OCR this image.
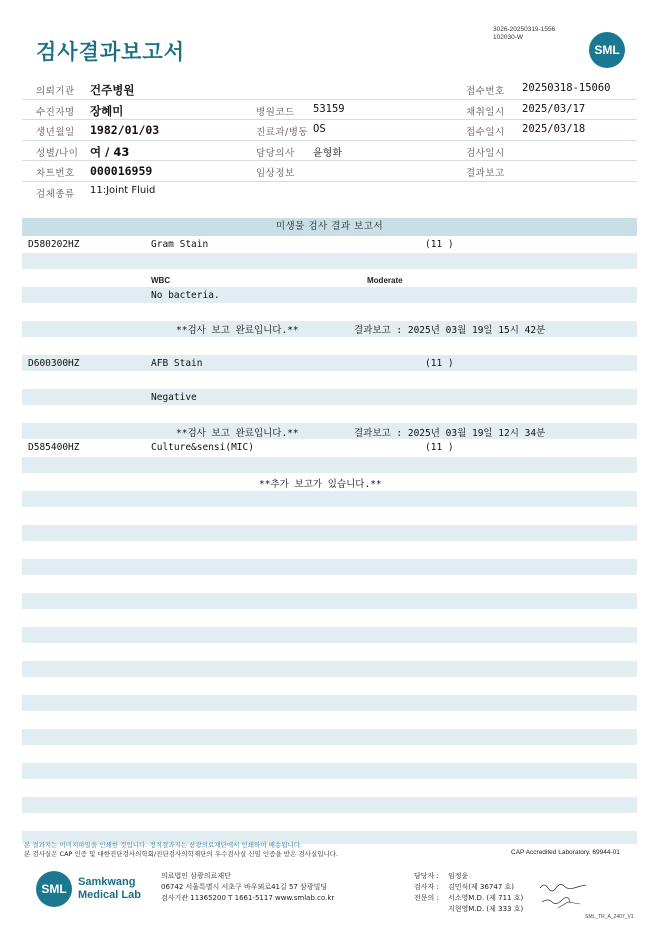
3026-20250319-1556
102030-W
검사결과보고서	SML
의뢰기관 건주병원	접수번호 20250318-15060
수진자명 장혜미	병원코드 53159	채취일시 2025/03/17
생년월일 1982/01/03	진료과/병동 OS	접수일시 2025/03/18
성별/나이 여 / 43	담당의사 윤형화	검사일시
차트번호 000016959	임상정보	결과보고
검체종류 11:Joint Fluid
미생물 검사 결과 보고서
D580202HZ	Gram Stain	(11 )
WBC	Moderate
No bacteria.
**검사 보고 완료입니다.**	결과보고 : 2025년 03월 19일 15시 42분
D600300HZ	AFB Stain	(11 )
Negative
**검사 보고 완료입니다.**	결과보고 : 2025년 03월 19일 12시 34분
D585400HZ	Culture&sensi(MIC)	(11 )
**추가 보고가 있습니다.**
본 결과지는 이미지파일을 인쇄한 것입니다. 정식결과지는 삼광의료재단에서 인쇄하여 배송됩니다.
본 검사실은 CAP 인증 및 대한진단검사의학회/진단검사의학재단의 우수검사실 신임 인증을 받은 검사실입니다.	CAP Accredited Laboratory. 69944-01
SML	Samkwang
Medical Lab
의료법인 삼광의료재단
06742 서울특별시 서초구 바우뫼로41길 57 삼광빌딩
검사기관 11365200 T 1661-5117 www.smlab.co.kr
담당자 : 임정윤
검사자 : 김민식(제 36747 호)
전문의 : 서소영M.D. (제 711 호)
지현영M.D. (제 333 호)
SML_TR_A_2407_V1
